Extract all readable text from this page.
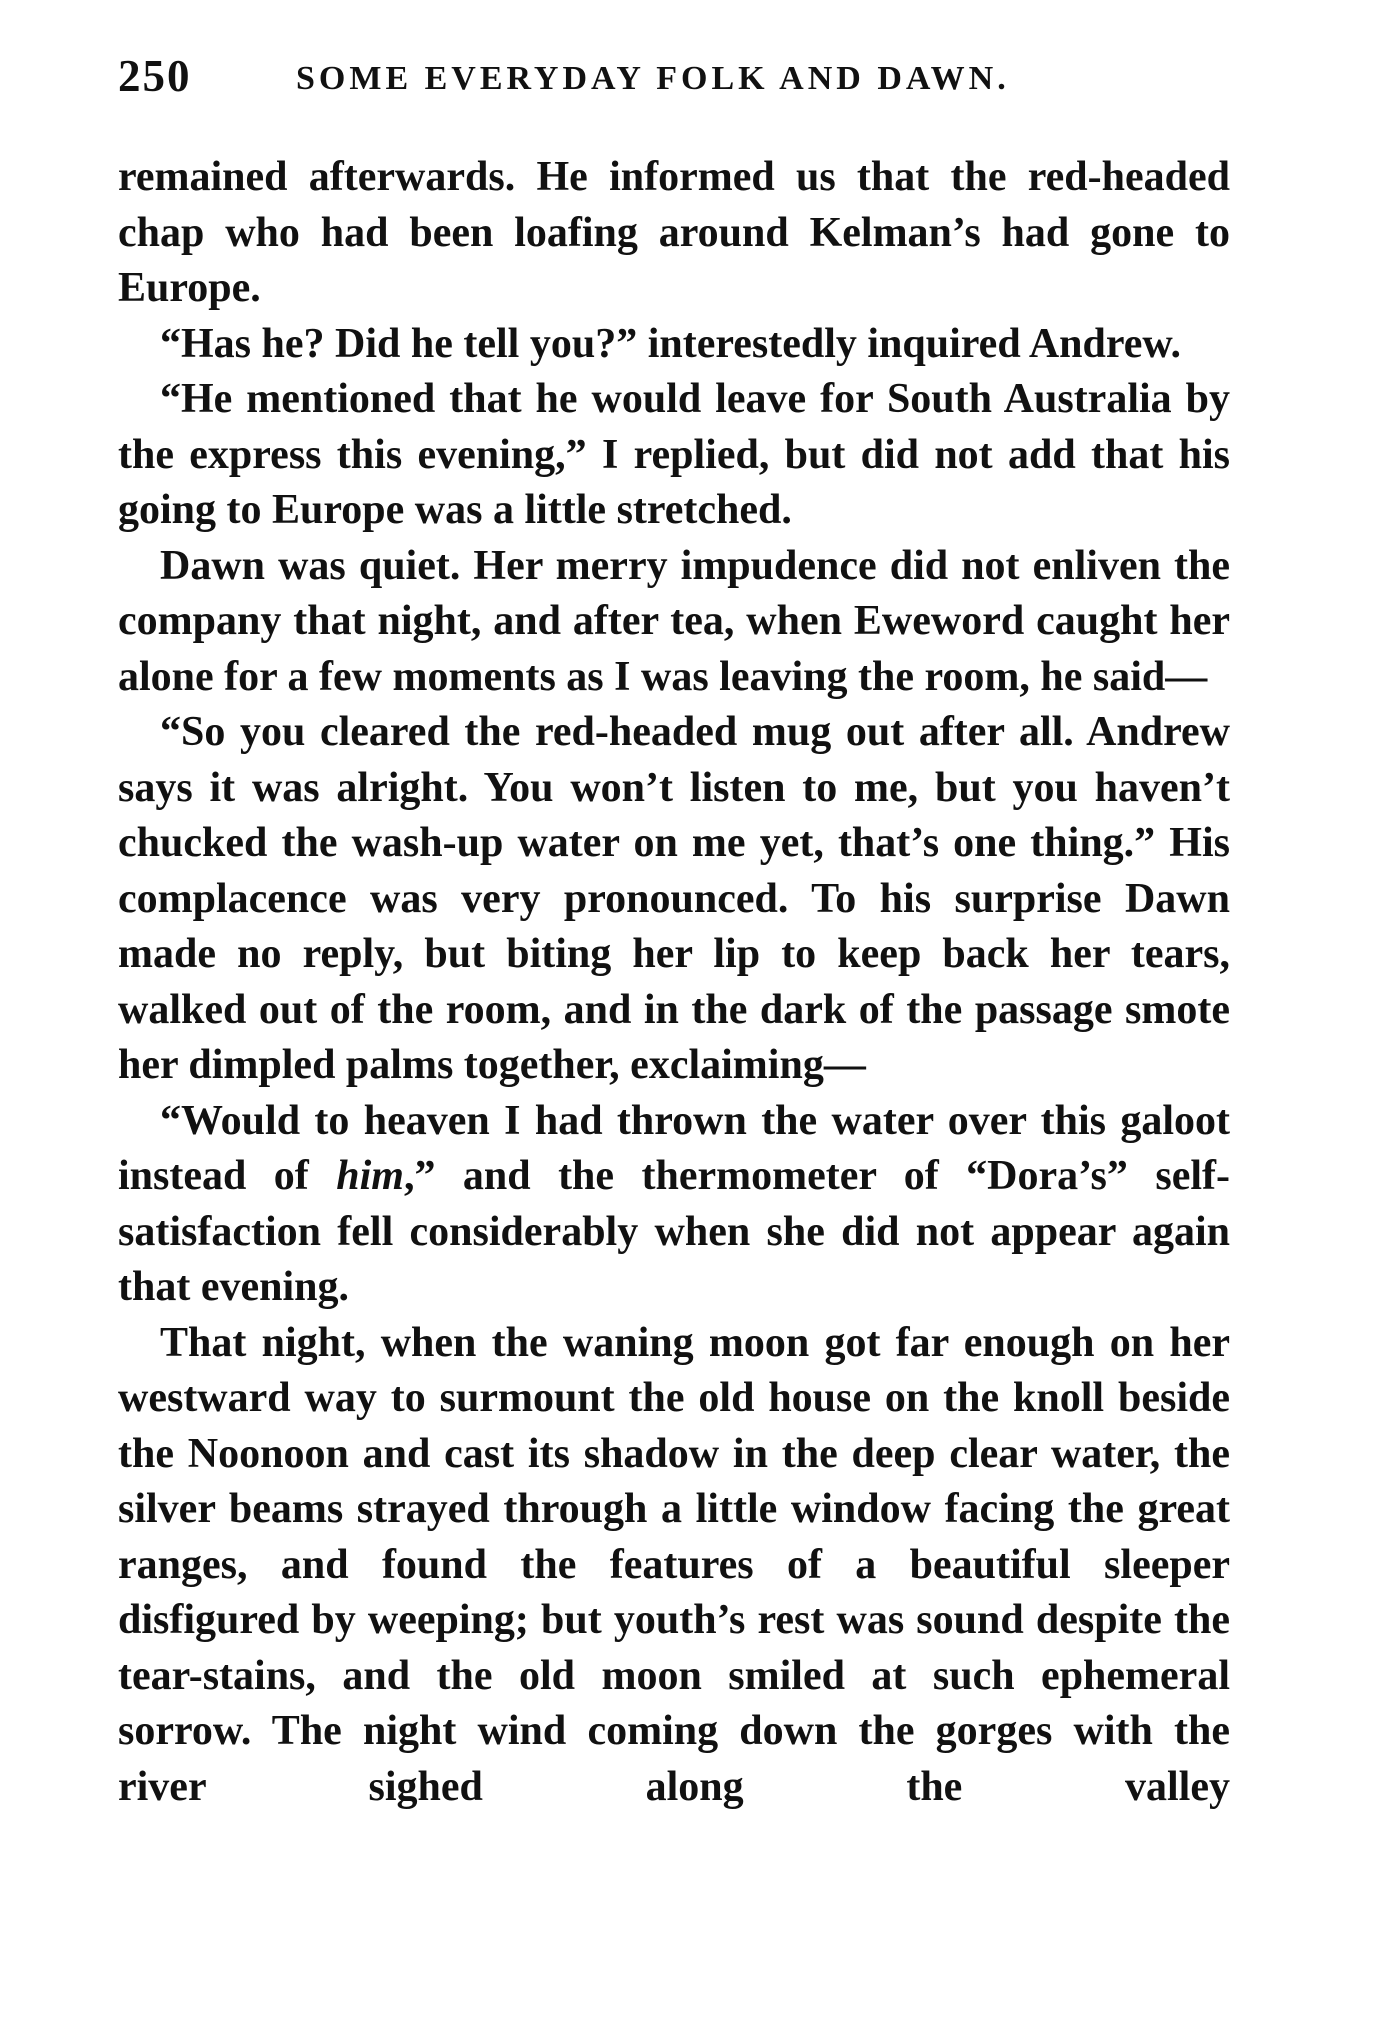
250	SOME EVERYDAY FOLK AND DAWN.

remained afterwards. He informed us that the red-headed chap who had been loafing around Kelman’s had gone to Europe.

“Has he? Did he tell you?” interestedly inquired Andrew.

“He mentioned that he would leave for South Australia by the express this evening,” I replied, but did not add that his going to Europe was a little stretched.

Dawn was quiet. Her merry impudence did not enliven the company that night, and after tea, when Eweword caught her alone for a few moments as I was leaving the room, he said—

“So you cleared the red-headed mug out after all. Andrew says it was alright. You won’t listen to me, but you haven’t chucked the wash-up water on me yet, that’s one thing.” His complacence was very pronounced. To his surprise Dawn made no reply, but biting her lip to keep back her tears, walked out of the room, and in the dark of the passage smote her dimpled palms together, exclaiming—

“Would to heaven I had thrown the water over this galoot instead of him,” and the thermometer of “Dora’s” self-satisfaction fell considerably when she did not appear again that evening.

That night, when the waning moon got far enough on her westward way to surmount the old house on the knoll beside the Noonoon and cast its shadow in the deep clear water, the silver beams strayed through a little window facing the great ranges, and found the features of a beautiful sleeper disfigured by weeping; but youth’s rest was sound despite the tear-stains, and the old moon smiled at such ephemeral sorrow. The night wind coming down the gorges with the river sighed along the valley
